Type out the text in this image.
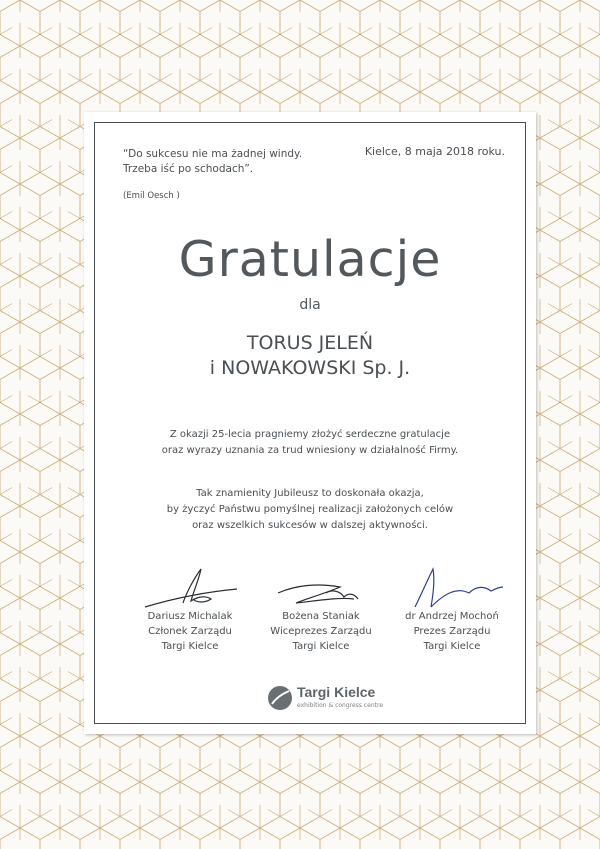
“Do sukcesu nie ma żadnej windy.
Trzeba iść po schodach”.
(Emil Oesch )
Kielce, 8 maja 2018 roku.
Gratulacje
dla
TORUS JELEŃ
i NOWAKOWSKI Sp. J.
Z okazji 25-lecia pragniemy złożyć serdeczne gratulacje
oraz wyrazy uznania za trud wniesiony w działalność Firmy.
Tak znamienity Jubileusz to doskonała okazja,
by życzyć Państwu pomyślnej realizacji założonych celów
oraz wszelkich sukcesów w dalszej aktywności.
Dariusz Michalak
Członek Zarządu
Targi Kielce
Bożena Staniak
Wiceprezes Zarządu
Targi Kielce
dr Andrzej Mochoń
Prezes Zarządu
Targi Kielce
Targi Kielce
exhibition & congress centre
